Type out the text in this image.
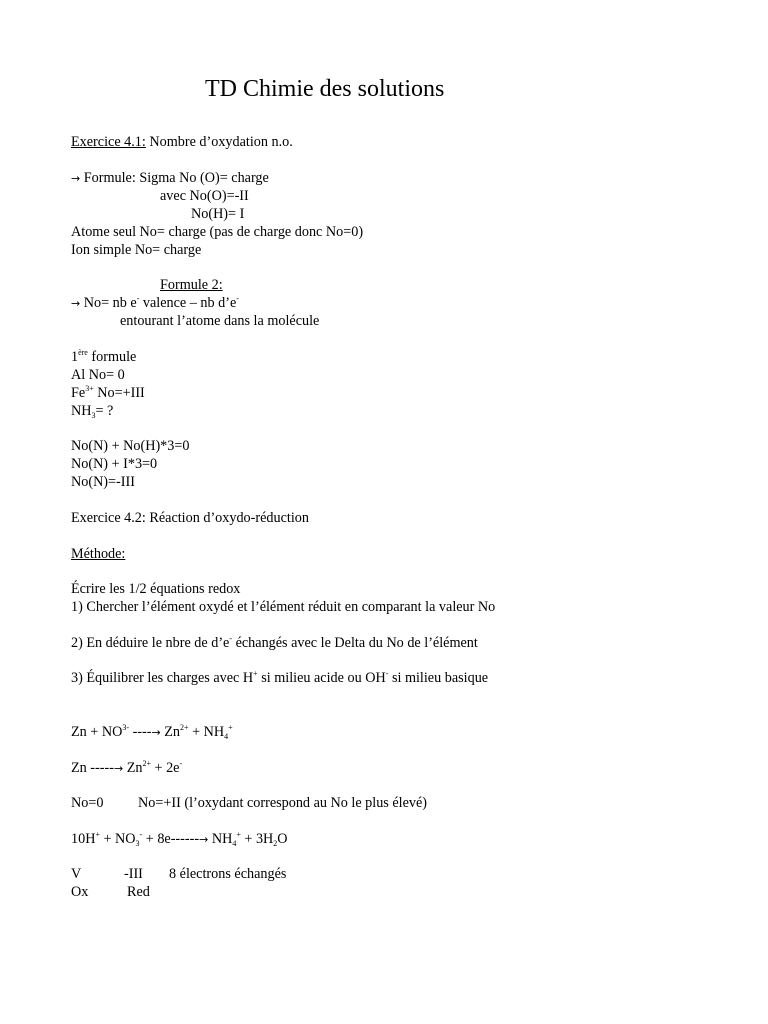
TD Chimie des solutions
Exercice 4.1: Nombre d’oxydation n.o.
→ Formule: Sigma No (O)= charge
avec No(O)=-II
No(H)= I
Atome seul No= charge (pas de charge donc No=0)
Ion simple No= charge
Formule 2:
→ No= nb e- valence – nb d’e-
entourant l’atome dans la molécule
1ère formule
Al No= 0
$Fe^{3+}$ No=+III
$NH_3=$ ?
No(N) + No(H)*3=0
No(N) + I*3=0
No(N)=-III
Exercice 4.2: Réaction d’oxydo-réduction
Méthode:
Écrire les 1/2 équations redox
1) Chercher l’élément oxydé et l’élément réduit en comparant la valeur No
2) En déduire le nbre de d’e- échangés avec le Delta du No de l’élément
3) Équilibrer les charges avec H+ si milieu acide ou OH- si milieu basique
$Zn + NO^{3-}$ ----→ $Zn^{2+} + NH_4^+$
Zn -----→ $Zn^{2+} + 2e^-$
No=0 No=+II (l’oxydant correspond au No le plus élevé)
$10H^+ + NO_3^- + 8e------\to NH_4^+ + 3H_2O$
V	-III 8 électrons échangés
Ox	Red
